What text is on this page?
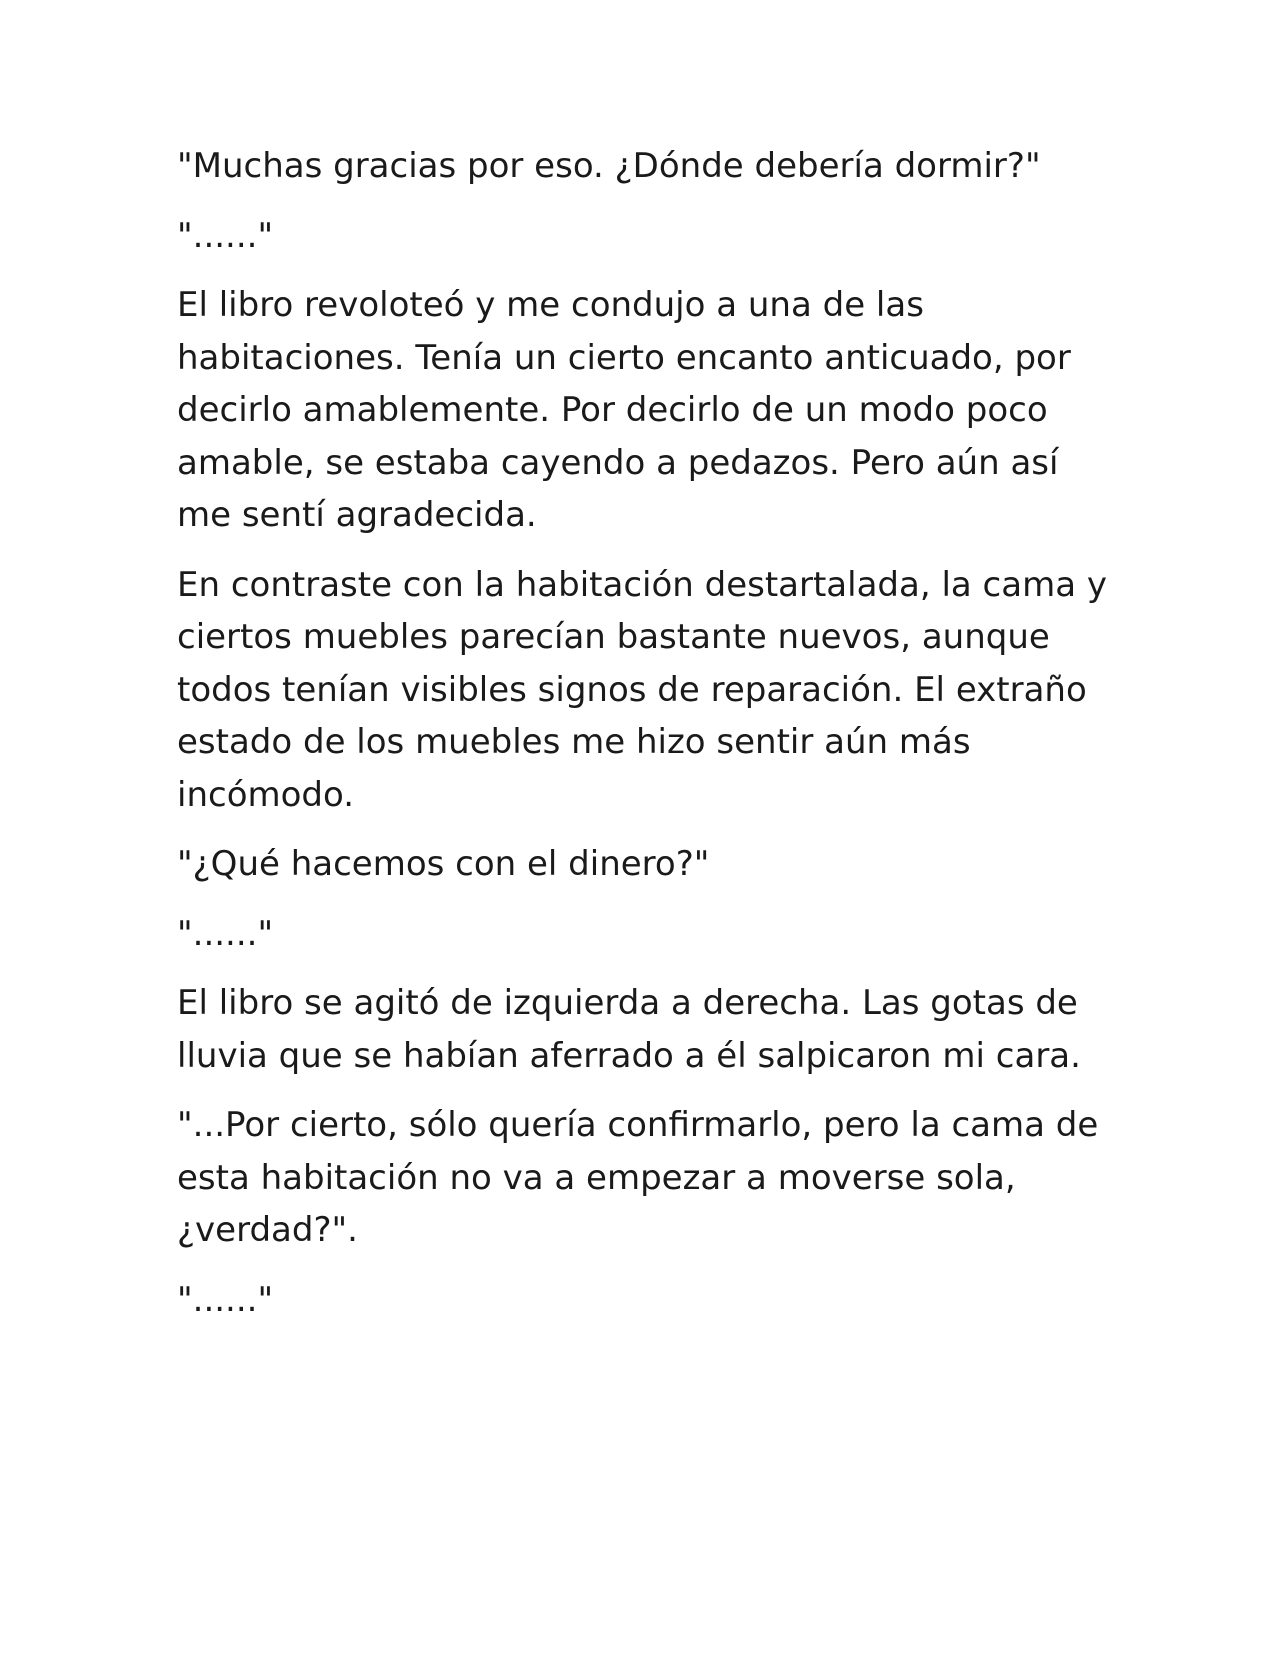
"Muchas gracias por eso. ¿Dónde debería dormir?"

"......"

El libro revoloteó y me condujo a una de las habitaciones. Tenía un cierto encanto anticuado, por decirlo amablemente. Por decirlo de un modo poco amable, se estaba cayendo a pedazos. Pero aún así me sentí agradecida.

En contraste con la habitación destartalada, la cama y ciertos muebles parecían bastante nuevos, aunque todos tenían visibles signos de reparación. El extraño estado de los muebles me hizo sentir aún más incómodo.

"¿Qué hacemos con el dinero?"

"......"

El libro se agitó de izquierda a derecha. Las gotas de lluvia que se habían aferrado a él salpicaron mi cara.

"...Por cierto, sólo quería confirmarlo, pero la cama de esta habitación no va a empezar a moverse sola, ¿verdad?".

"......"
